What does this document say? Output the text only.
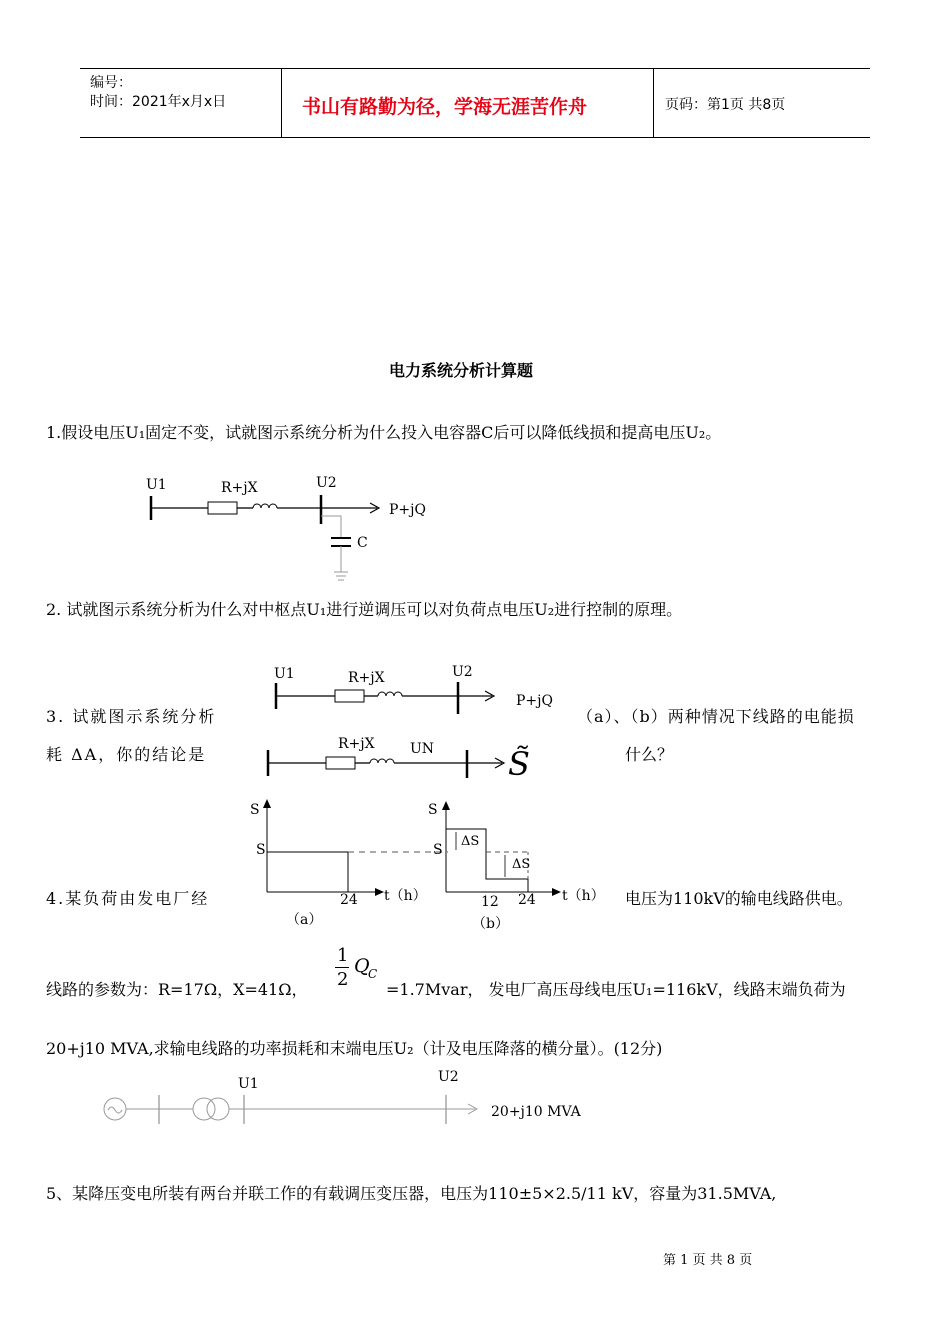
编号：
时间：2021年x月x日	书山有路勤为径，学海无涯苦作舟	页码：第1页 共8页
电力系统分析计算题
1.假设电压U₁固定不变，试就图示系统分析为什么投入电容器C后可以降低线损和提高电压U₂。
U1	R+jX	U2
P+jQ
C
2. 试就图示系统分析为什么对中枢点U₁进行逆调压可以对负荷点电压U₂进行控制的原理。
3. 试就图示系统分析	（a）、（b）两种情况下线路的电能损
耗 ΔA，你的结论是	什么？
U1	R+jX	U2
P+jQ
R+jX	UN S̃
S
S
24 t（h）
（a）
S
S
ΔS
ΔS
12 24 t（h）
（b）
4.某负荷由发电厂经	电压为110kV的输电线路供电。
线路的参数为：R=17Ω，X=41Ω，
1
2
Q
C
=1.7Mvar， 发电厂高压母线电压U₁=116kV，线路末端负荷为
20+j10 MVA,求输电线路的功率损耗和末端电压U₂（计及电压降落的横分量）。(12分)
U1	U2
20+j10 MVA
5、某降压变电所装有两台并联工作的有载调压变压器，电压为110±5×2.5/11 kV，容量为31.5MVA,
第 1 页 共 8 页
